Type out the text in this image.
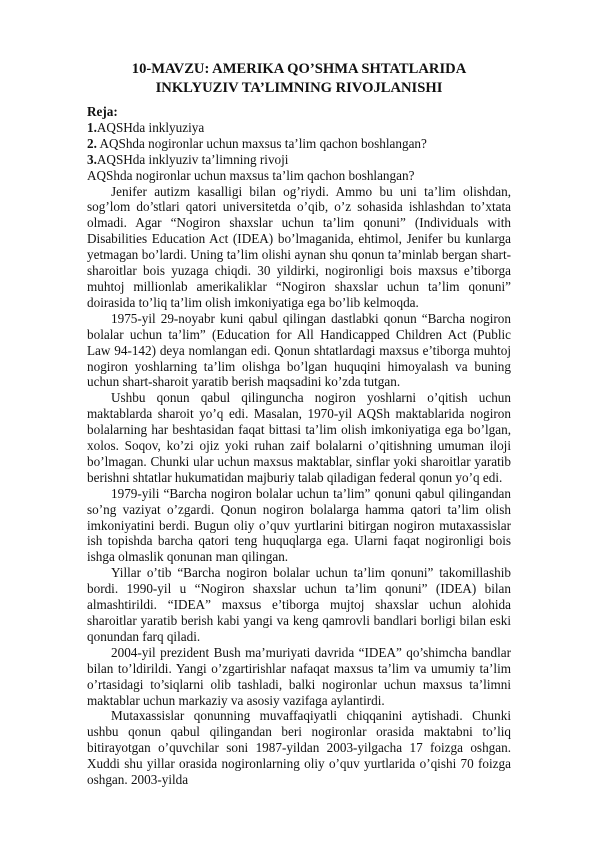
10-MAVZU: AMERIKA QO’SHMA SHTATLARIDA
INKLYUZIV TA’LIMNING RIVOJLANISHI
Reja:
1.AQSHda inklyuziya
2. AQShda nogironlar uchun maxsus ta’lim qachon boshlangan?
3.AQSHda inklyuziv ta’limning rivoji

AQShda nogironlar uchun maxsus ta’lim qachon boshlangan?

Jenifer autizm kasalligi bilan og’riydi. Ammo bu uni ta’lim olishdan, sog’lom do’stlari qatori universitetda o’qib, o’z sohasida ishlashdan to’xtata olmadi. Agar “Nogiron shaxslar uchun ta’lim qonuni” (Individuals with Disabilities Education Act (IDEA) bo’lmaganida, ehtimol, Jenifer bu kunlarga yetmagan bo’lardi. Uning ta’lim olishi aynan shu qonun ta’minlab bergan shart-sharoitlar bois yuzaga chiqdi. 30 yildirki, nogironligi bois maxsus e’tiborga muhtoj millionlab amerikaliklar “Nogiron shaxslar uchun ta’lim qonuni” doirasida to’liq ta’lim olish imkoniyatiga ega bo’lib kelmoqda.

1975-yil 29-noyabr kuni qabul qilingan dastlabki qonun “Barcha nogiron bolalar uchun ta’lim” (Education for All Handicapped Children Act (Public Law 94-142) deya nomlangan edi. Qonun shtatlardagi maxsus e’tiborga muhtoj nogiron yoshlarning ta’lim olishga bo’lgan huquqini himoyalash va buning uchun shart-sharoit yaratib berish maqsadini ko’zda tutgan.

Ushbu qonun qabul qilinguncha nogiron yoshlarni o’qitish uchun maktablarda sharoit yo’q edi. Masalan, 1970-yil AQSh maktablarida nogiron bolalarning har beshtasidan faqat bittasi ta’lim olish imkoniyatiga ega bo’lgan, xolos. Soqov, ko’zi ojiz yoki ruhan zaif bolalarni o’qitishning umuman iloji bo’lmagan. Chunki ular uchun maxsus maktablar, sinflar yoki sharoitlar yaratib berishni shtatlar hukumatidan majburiy talab qiladigan federal qonun yo’q edi.

1979-yili “Barcha nogiron bolalar uchun ta’lim” qonuni qabul qilingandan so’ng vaziyat o’zgardi. Qonun nogiron bolalarga hamma qatori ta’lim olish imkoniyatini berdi. Bugun oliy o’quv yurtlarini bitirgan nogiron mutaxassislar ish topishda barcha qatori teng huquqlarga ega. Ularni faqat nogironligi bois ishga olmaslik qonunan man qilingan.

Yillar o’tib “Barcha nogiron bolalar uchun ta’lim qonuni” takomillashib bordi. 1990-yil u “Nogiron shaxslar uchun ta’lim qonuni” (IDEA) bilan almashtirildi. “IDEA” maxsus e’tiborga mujtoj shaxslar uchun alohida sharoitlar yaratib berish kabi yangi va keng qamrovli bandlari borligi bilan eski qonundan farq qiladi.

2004-yil prezident Bush ma’muriyati davrida “IDEA” qo’shimcha bandlar bilan to’ldirildi. Yangi o’zgartirishlar nafaqat maxsus ta’lim va umumiy ta’lim o’rtasidagi to’siqlarni olib tashladi, balki nogironlar uchun maxsus ta’limni maktablar uchun markaziy va asosiy vazifaga aylantirdi.

Mutaxassislar qonunning muvaffaqiyatli chiqqanini aytishadi. Chunki ushbu qonun qabul qilingandan beri nogironlar orasida maktabni to’liq bitirayotgan o’quvchilar soni 1987-yildan 2003-yilgacha 17 foizga oshgan. Xuddi shu yillar orasida nogironlarning oliy o’quv yurtlarida o’qishi 70 foizga oshgan. 2003-yilda
